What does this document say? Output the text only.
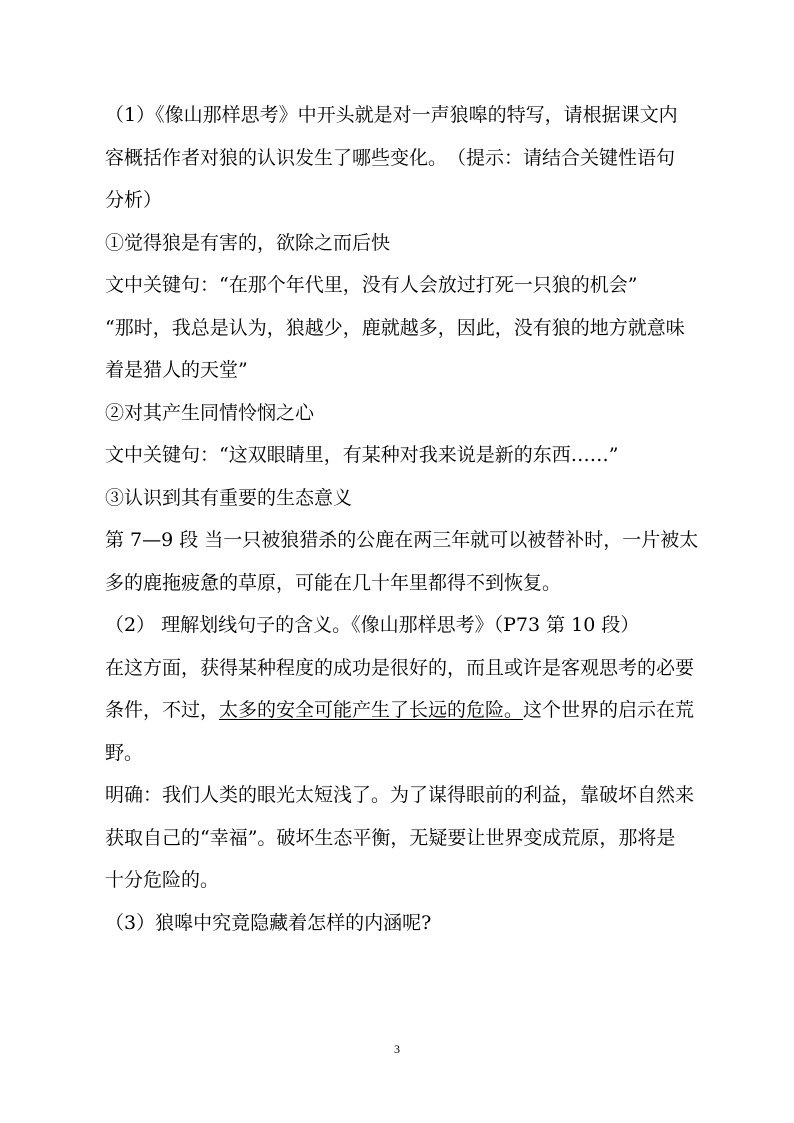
（1）《像山那样思考》中开头就是对一声狼嗥的特写，请根据课文内
容概括作者对狼的认识发生了哪些变化。　（提示：请结合关键性语句
分析）
①觉得狼是有害的，欲除之而后快
文中关键句：“在那个年代里，没有人会放过打死一只狼的机会”
“那时，我总是认为，狼越少，鹿就越多，因此，没有狼的地方就意味
着是猎人的天堂”
②对其产生同情怜悯之心
文中关键句：“这双眼睛里，有某种对我来说是新的东西……”
③认识到其有重要的生态意义
第 7—9 段 当一只被狼猎杀的公鹿在两三年就可以被替补时，一片被太
多的鹿拖疲惫的草原，可能在几十年里都得不到恢复。
（2） 理解划线句子的含义。《像山那样思考》（P73 第 10 段）
在这方面，获得某种程度的成功是很好的，而且或许是客观思考的必要
条件，不过，太多的安全可能产生了长远的危险。这个世界的启示在荒
野。
明确：我们人类的眼光太短浅了。为了谋得眼前的利益，靠破坏自然来
获取自己的“幸福”。破坏生态平衡，无疑要让世界变成荒原，那将是
十分危险的。
（3）狼嗥中究竟隐藏着怎样的内涵呢?
3
